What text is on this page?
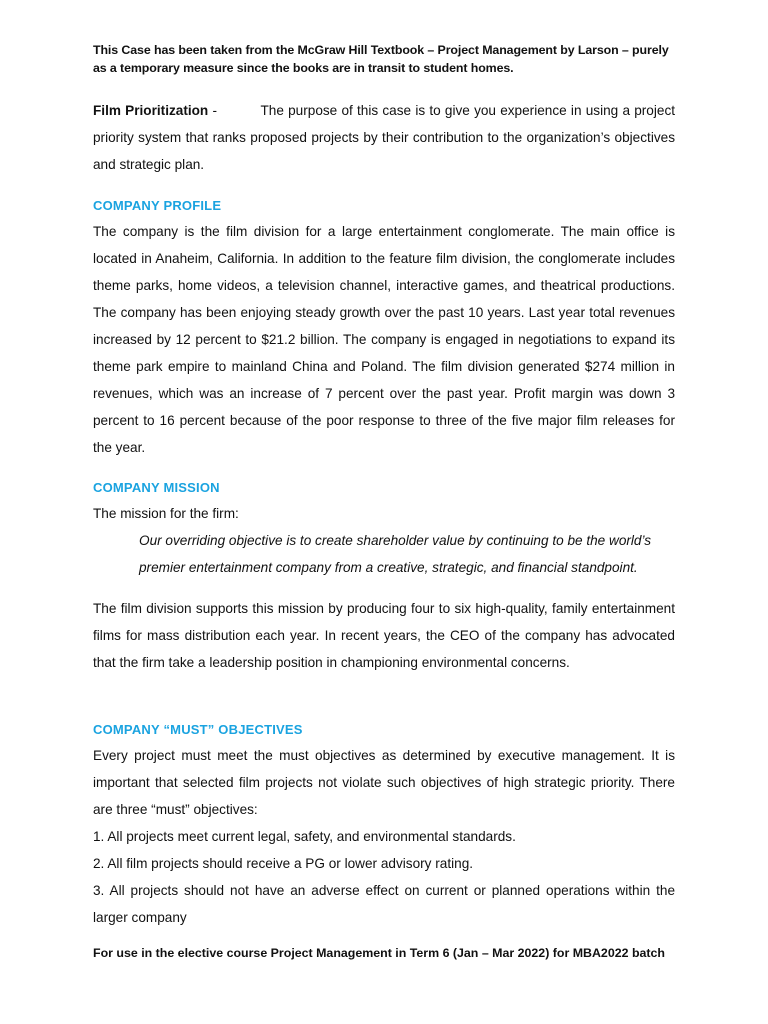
This Case has been taken from the McGraw Hill Textbook – Project Management by Larson – purely
as a temporary measure since the books are in transit to student homes.

Film Prioritization -	The purpose of this case is to give you experience in using a project priority system that ranks proposed projects by their contribution to the organization’s objectives and strategic plan.

COMPANY PROFILE

The company is the film division for a large entertainment conglomerate. The main office is located in Anaheim, California. In addition to the feature film division, the conglomerate includes theme parks, home videos, a television channel, interactive games, and theatrical productions. The company has been enjoying steady growth over the past 10 years. Last year total revenues increased by 12 percent to $21.2 billion. The company is engaged in negotiations to expand its theme park empire to mainland China and Poland. The film division generated $274 million in revenues, which was an increase of 7 percent over the past year. Profit margin was down 3 percent to 16 percent because of the poor response to three of the five major film releases for the year.

COMPANY MISSION

The mission for the firm:

Our overriding objective is to create shareholder value by continuing to be the world’s
premier entertainment company from a creative, strategic, and financial standpoint.

The film division supports this mission by producing four to six high-quality, family entertainment films for mass distribution each year. In recent years, the CEO of the company has advocated that the firm take a leadership position in championing environmental concerns.

COMPANY “MUST” OBJECTIVES

Every project must meet the must objectives as determined by executive management. It is important that selected film projects not violate such objectives of high strategic priority. There are three “must” objectives:

1. All projects meet current legal, safety, and environmental standards.
2. All film projects should receive a PG or lower advisory rating.

3. All projects should not have an adverse effect on current or planned operations within the larger company

For use in the elective course Project Management in Term 6 (Jan – Mar 2022) for MBA2022 batch
